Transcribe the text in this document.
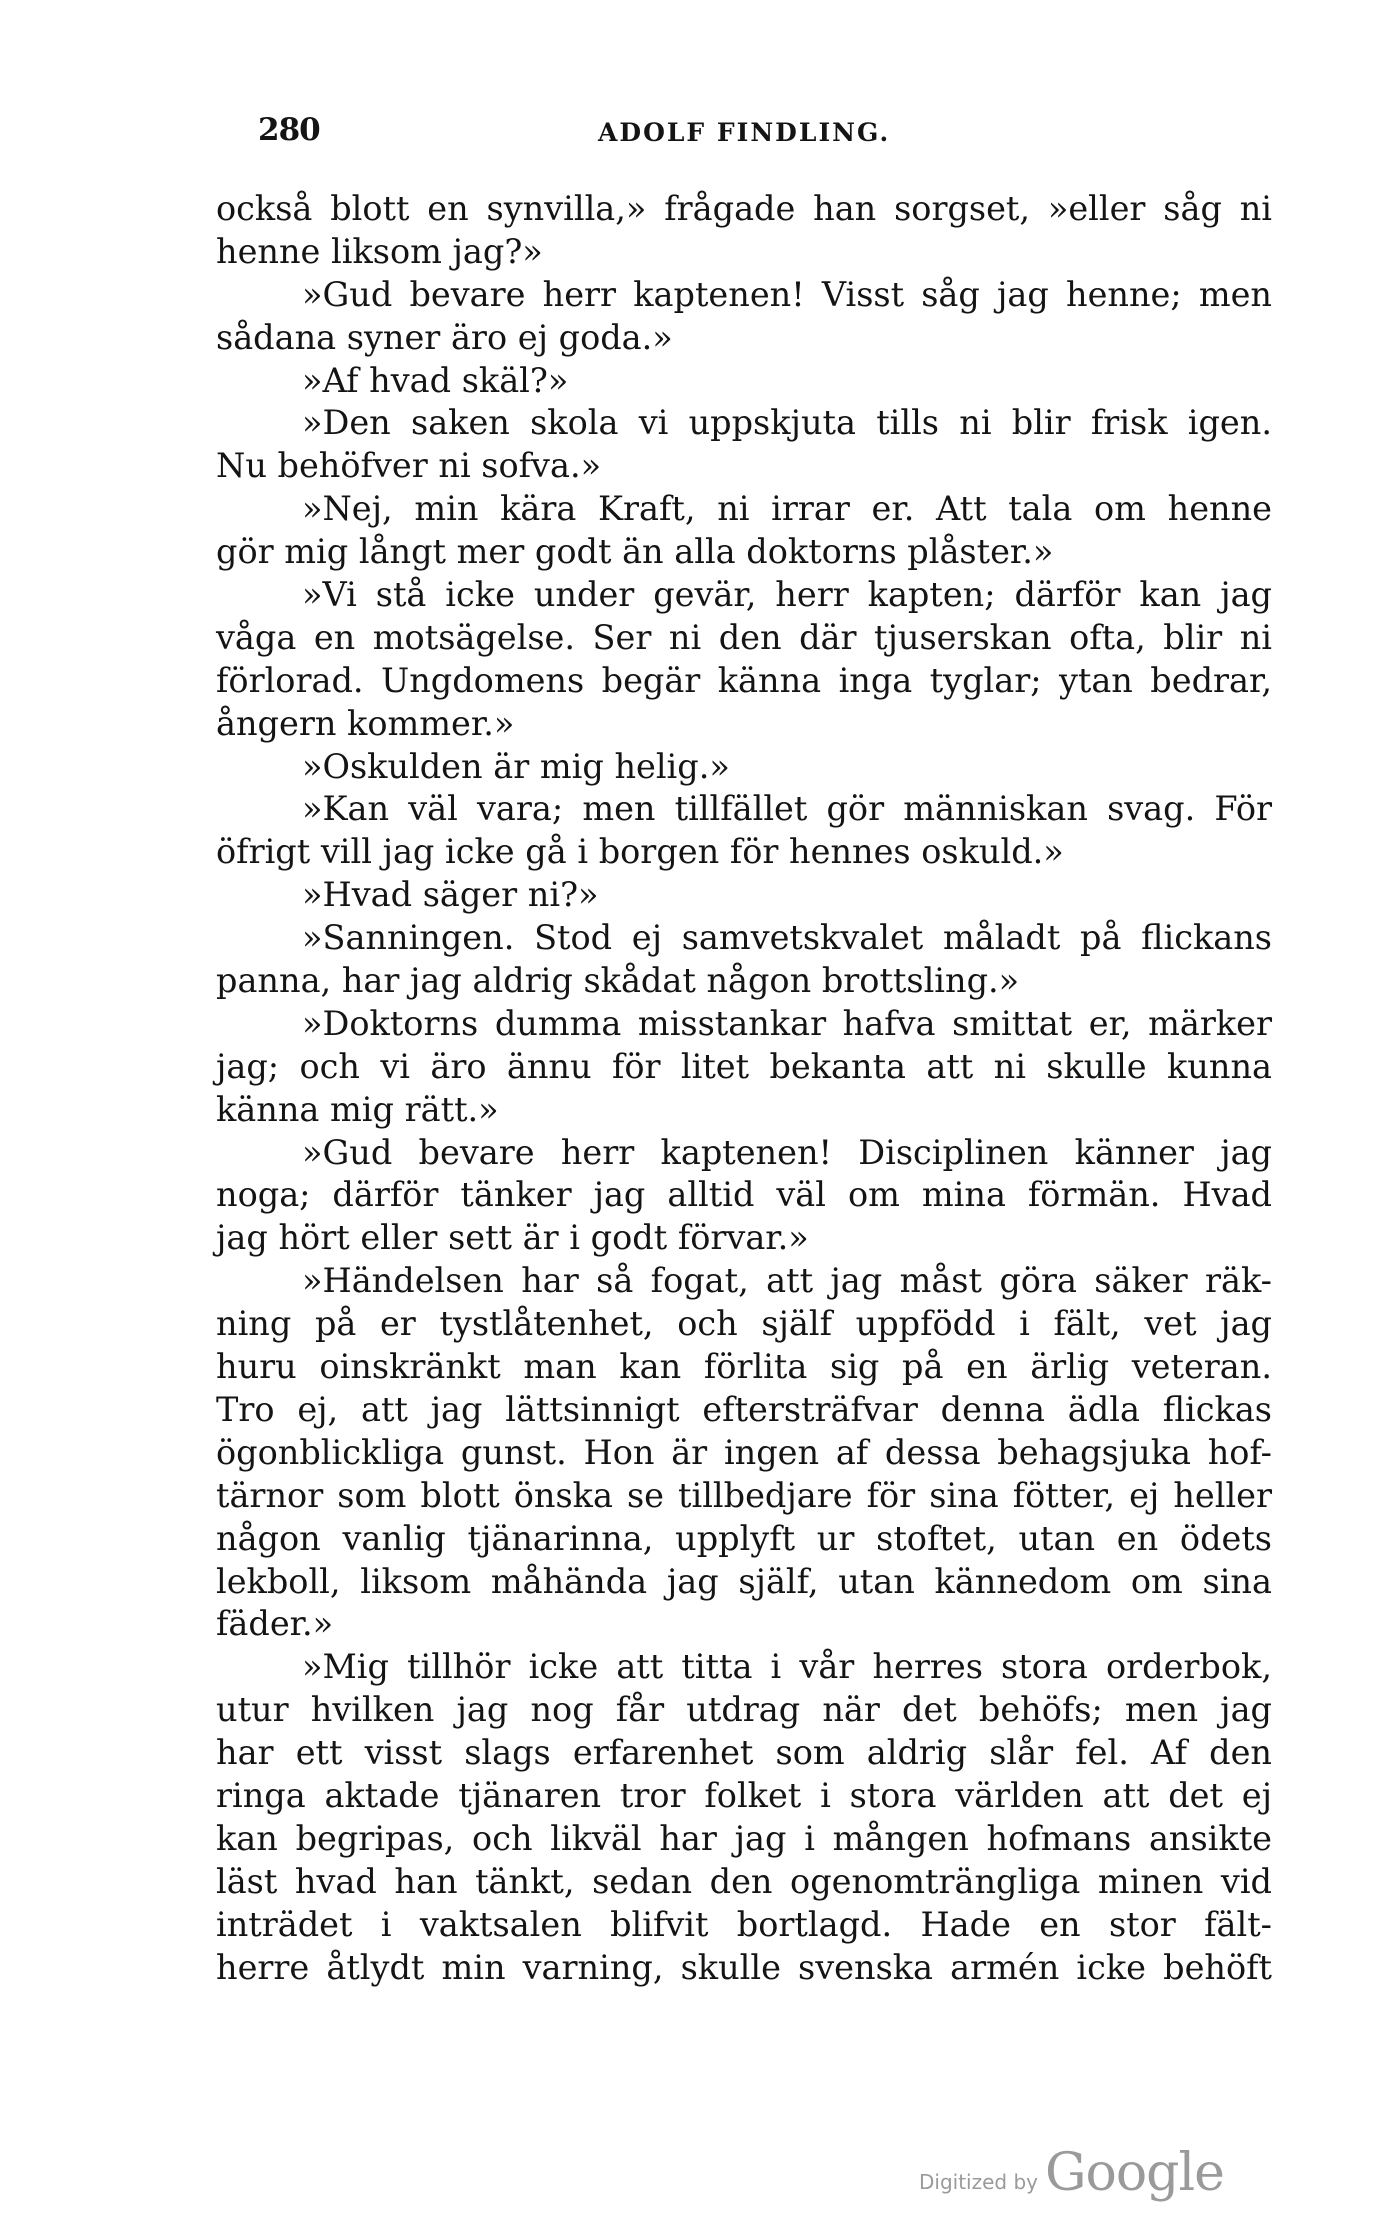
280	ADOLF FINDLING.
också blott en synvilla,» frågade han sorgset, »eller såg ni
henne liksom jag?»
»Gud bevare herr kaptenen! Visst såg jag henne; men
sådana syner äro ej goda.»
»Af hvad skäl?»
»Den saken skola vi uppskjuta tills ni blir frisk igen.
Nu behöfver ni sofva.»
»Nej, min kära Kraft, ni irrar er. Att tala om henne
gör mig långt mer godt än alla doktorns plåster.»
»Vi stå icke under gevär, herr kapten; därför kan jag
våga en motsägelse. Ser ni den där tjuserskan ofta, blir ni
förlorad. Ungdomens begär känna inga tyglar; ytan bedrar,
ångern kommer.»
»Oskulden är mig helig.»
»Kan väl vara; men tillfället gör människan svag. För
öfrigt vill jag icke gå i borgen för hennes oskuld.»
»Hvad säger ni?»
»Sanningen. Stod ej samvetskvalet måladt på flickans
panna, har jag aldrig skådat någon brottsling.»
»Doktorns dumma misstankar hafva smittat er, märker
jag; och vi äro ännu för litet bekanta att ni skulle kunna
känna mig rätt.»
»Gud bevare herr kaptenen! Disciplinen känner jag
noga; därför tänker jag alltid väl om mina förmän. Hvad
jag hört eller sett är i godt förvar.»
»Händelsen har så fogat, att jag måst göra säker räk-
ning på er tystlåtenhet, och själf uppfödd i fält, vet jag
huru oinskränkt man kan förlita sig på en ärlig veteran.
Tro ej, att jag lättsinnigt eftersträfvar denna ädla flickas
ögonblickliga gunst. Hon är ingen af dessa behagsjuka hof-
tärnor som blott önska se tillbedjare för sina fötter, ej heller
någon vanlig tjänarinna, upplyft ur stoftet, utan en ödets
lekboll, liksom måhända jag själf, utan kännedom om sina
fäder.»
»Mig tillhör icke att titta i vår herres stora orderbok,
utur hvilken jag nog får utdrag när det behöfs; men jag
har ett visst slags erfarenhet som aldrig slår fel. Af den
ringa aktade tjänaren tror folket i stora världen att det ej
kan begripas, och likväl har jag i mången hofmans ansikte
läst hvad han tänkt, sedan den ogenomträngliga minen vid
inträdet i vaktsalen blifvit bortlagd. Hade en stor fält-
herre åtlydt min varning, skulle svenska armén icke behöft
Digitized by Google
